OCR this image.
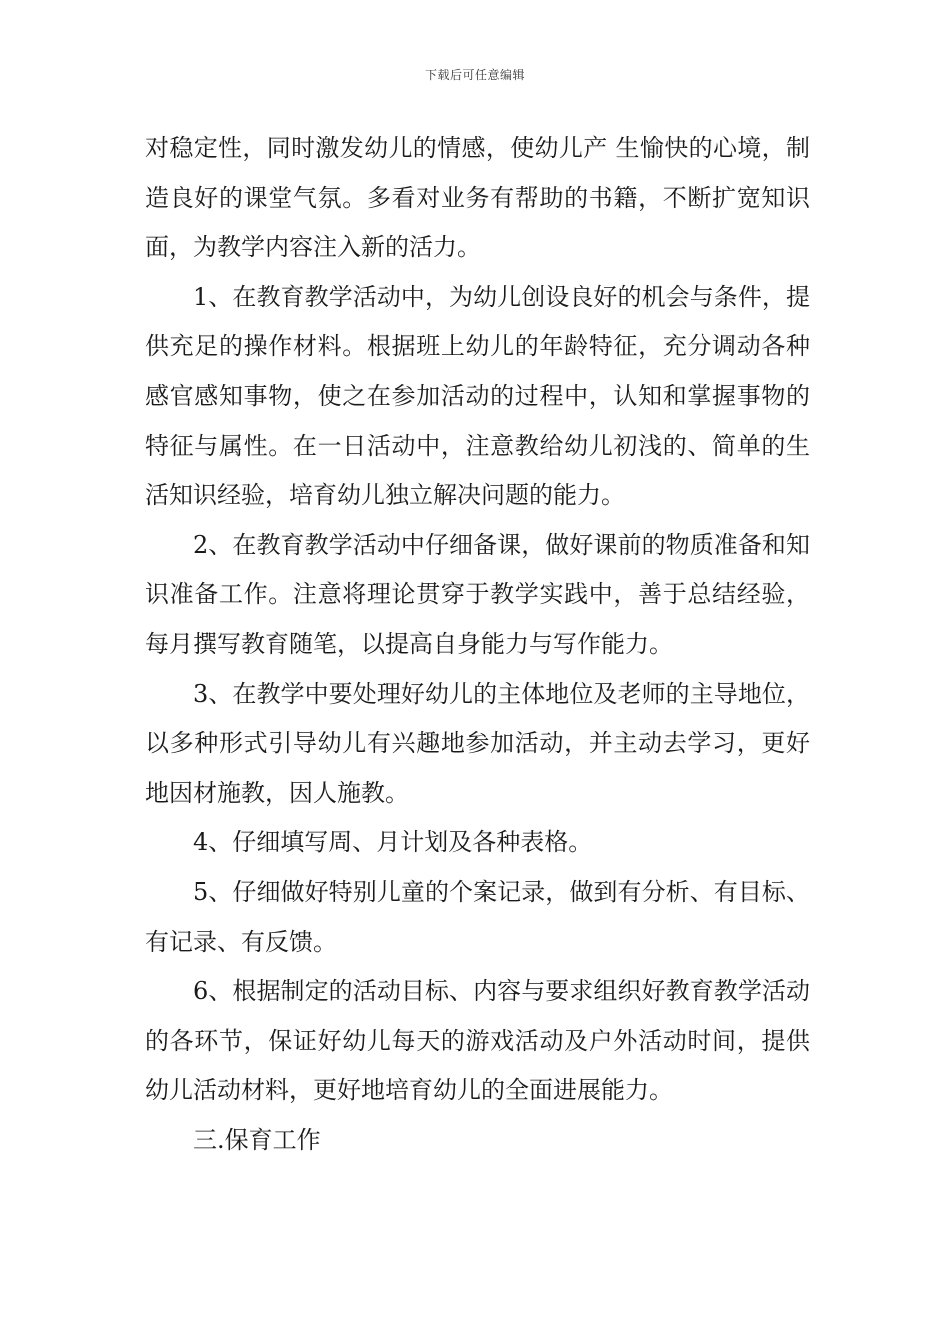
下载后可任意编辑

对稳定性，同时激发幼儿的情感，使幼儿产 生愉快的心境，制造良好的课堂气氛。多看对业务有帮助的书籍，不断扩宽知识面，为教学内容注入新的活力。

1、在教育教学活动中，为幼儿创设良好的机会与条件，提供充足的操作材料。根据班上幼儿的年龄特征，充分调动各种感官感知事物，使之在参加活动的过程中，认知和掌握事物的特征与属性。在一日活动中，注意教给幼儿初浅的、简单的生活知识经验，培育幼儿独立解决问题的能力。

2、在教育教学活动中仔细备课，做好课前的物质准备和知识准备工作。注意将理论贯穿于教学实践中，善于总结经验，每月撰写教育随笔，以提高自身能力与写作能力。

3、在教学中要处理好幼儿的主体地位及老师的主导地位，以多种形式引导幼儿有兴趣地参加活动，并主动去学习，更好地因材施教，因人施教。

4、仔细填写周、月计划及各种表格。

5、仔细做好特别儿童的个案记录，做到有分析、有目标、有记录、有反馈。

6、根据制定的活动目标、内容与要求组织好教育教学活动的各环节，保证好幼儿每天的游戏活动及户外活动时间，提供幼儿活动材料，更好地培育幼儿的全面进展能力。

三.保育工作
